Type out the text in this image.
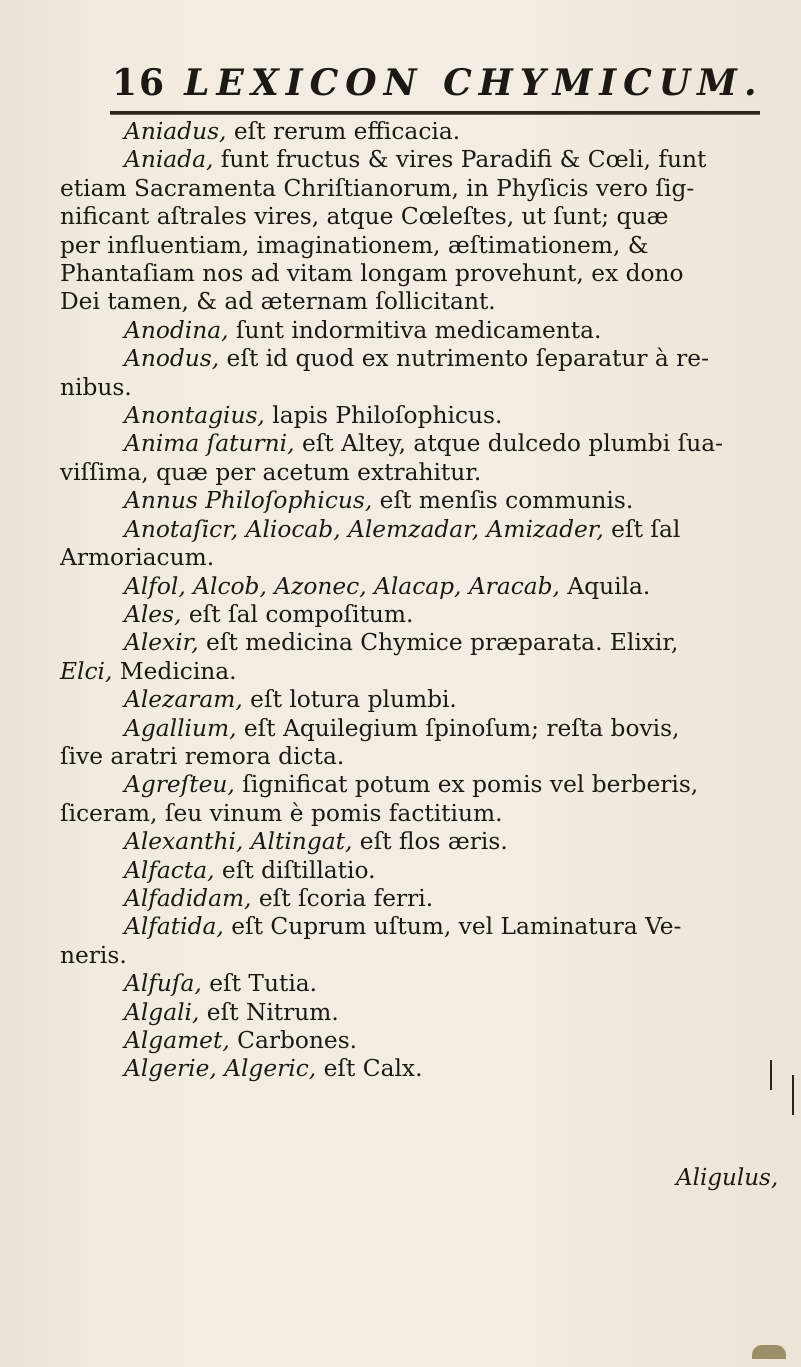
16 LEXICON CHYMICUM.

Aniadus, eſt rerum efficacia.

Aniada, funt fructus & vires Paradifi & Cœli, funt

etiam Sacramenta Chriſtianorum, in Phyſicis vero ſig-

nificant aſtrales vires, atque Cœleſtes, ut ſunt; quæ

per influentiam, imaginationem, æſtimationem, &

Phantaſiam nos ad vitam longam provehunt, ex dono

Dei tamen, & ad æternam ſollicitant.

Anodina, ſunt indormitiva medicamenta.

Anodus, eſt id quod ex nutrimento ſeparatur à re-

nibus.

Anontagius, lapis Philoſophicus.

Anima ſaturni, eſt Altey, atque dulcedo plumbi ſua-

viſſima, quæ per acetum extrahitur.

Annus Philoſophicus, eſt menſis communis.

Anotaſicr, Aliocab, Alemzadar, Amizader, eſt ſal

Armoriacum.

Alfol, Alcob, Azonec, Alacap, Aracab, Aquila.

Ales, eſt ſal compoſitum.

Alexir, eſt medicina Chymice præparata. Elixir,

Elci, Medicina.

Alezaram, eſt lotura plumbi.

Agallium, eſt Aquilegium ſpinoſum; reſta bovis,

ſive aratri remora dicta.

Agreſteu, ſignificat potum ex pomis vel berberis,

ſiceram, ſeu vinum è pomis factitium.

Alexanthi, Altingat, eſt flos æris.

Alfacta, eſt diſtillatio.

Alfadidam, eſt ſcoria ferri.

Alfatida, eſt Cuprum uſtum, vel Laminatura Ve-

neris.

Alfuſa, eſt Tutia.

Algali, eſt Nitrum.

Algamet, Carbones.

Algerie, Algeric, eſt Calx.

Aligulus,
